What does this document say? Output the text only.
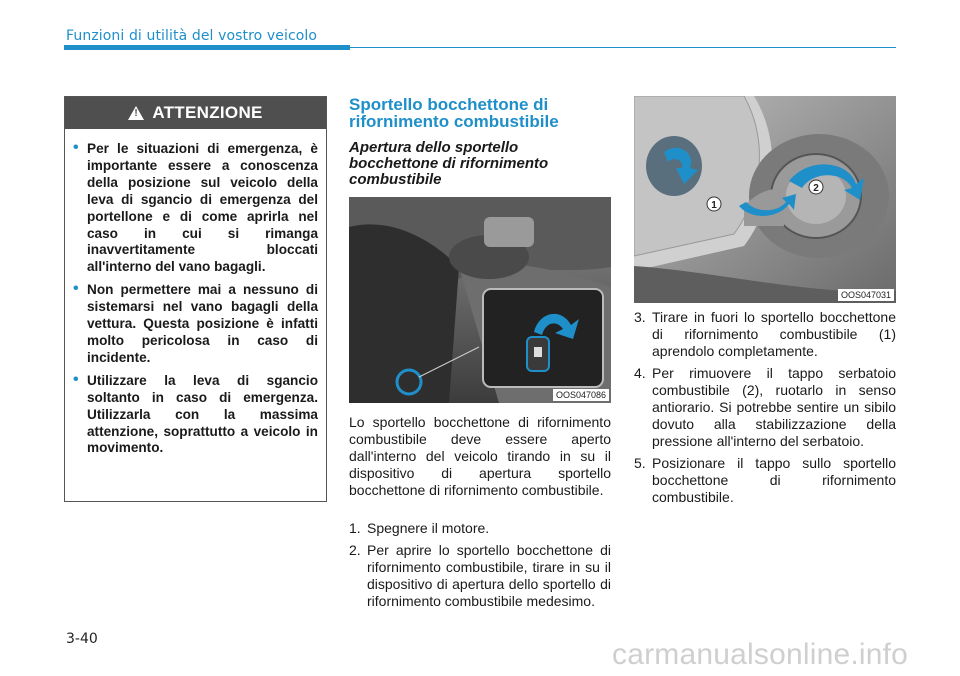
Funzioni di utilità del vostro veicolo
! ATTENZIONE
• Per le situazioni di emergenza, è importante essere a conoscenza della posizione sul veicolo della leva di sgancio di emergenza del portellone e di come aprirla nel caso in cui si rimanga inavvertitamente bloccati all'interno del vano bagagli.
• Non permettere mai a nessuno di sistemarsi nel vano bagagli della vettura. Questa posizione è infatti molto pericolosa in caso di incidente.
• Utilizzare la leva di sgancio soltanto in caso di emergenza. Utilizzarla con la massima attenzione, soprattutto a veicolo in movimento.
Sportello bocchettone di rifornimento combustibile
Apertura dello sportello bocchettone di rifornimento combustibile
OOS047086
Lo sportello bocchettone di rifornimento combustibile deve essere aperto dall'interno del veicolo tirando in su il dispositivo di apertura sportello bocchettone di rifornimento combustibile.
1. Spegnere il motore.
2. Per aprire lo sportello bocchettone di rifornimento combustibile, tirare in su il dispositivo di apertura dello sportello di rifornimento combustibile medesimo.
1
2
OOS047031
3. Tirare in fuori lo sportello bocchettone di rifornimento combustibile (1) aprendolo completamente.
4. Per rimuovere il tappo serbatoio combustibile (2), ruotarlo in senso antiorario. Si potrebbe sentire un sibilo dovuto alla stabilizzazione della pressione all'interno del serbatoio.
5. Posizionare il tappo sullo sportello bocchettone di rifornimento combustibile.
3-40	carmanualsonline.info
